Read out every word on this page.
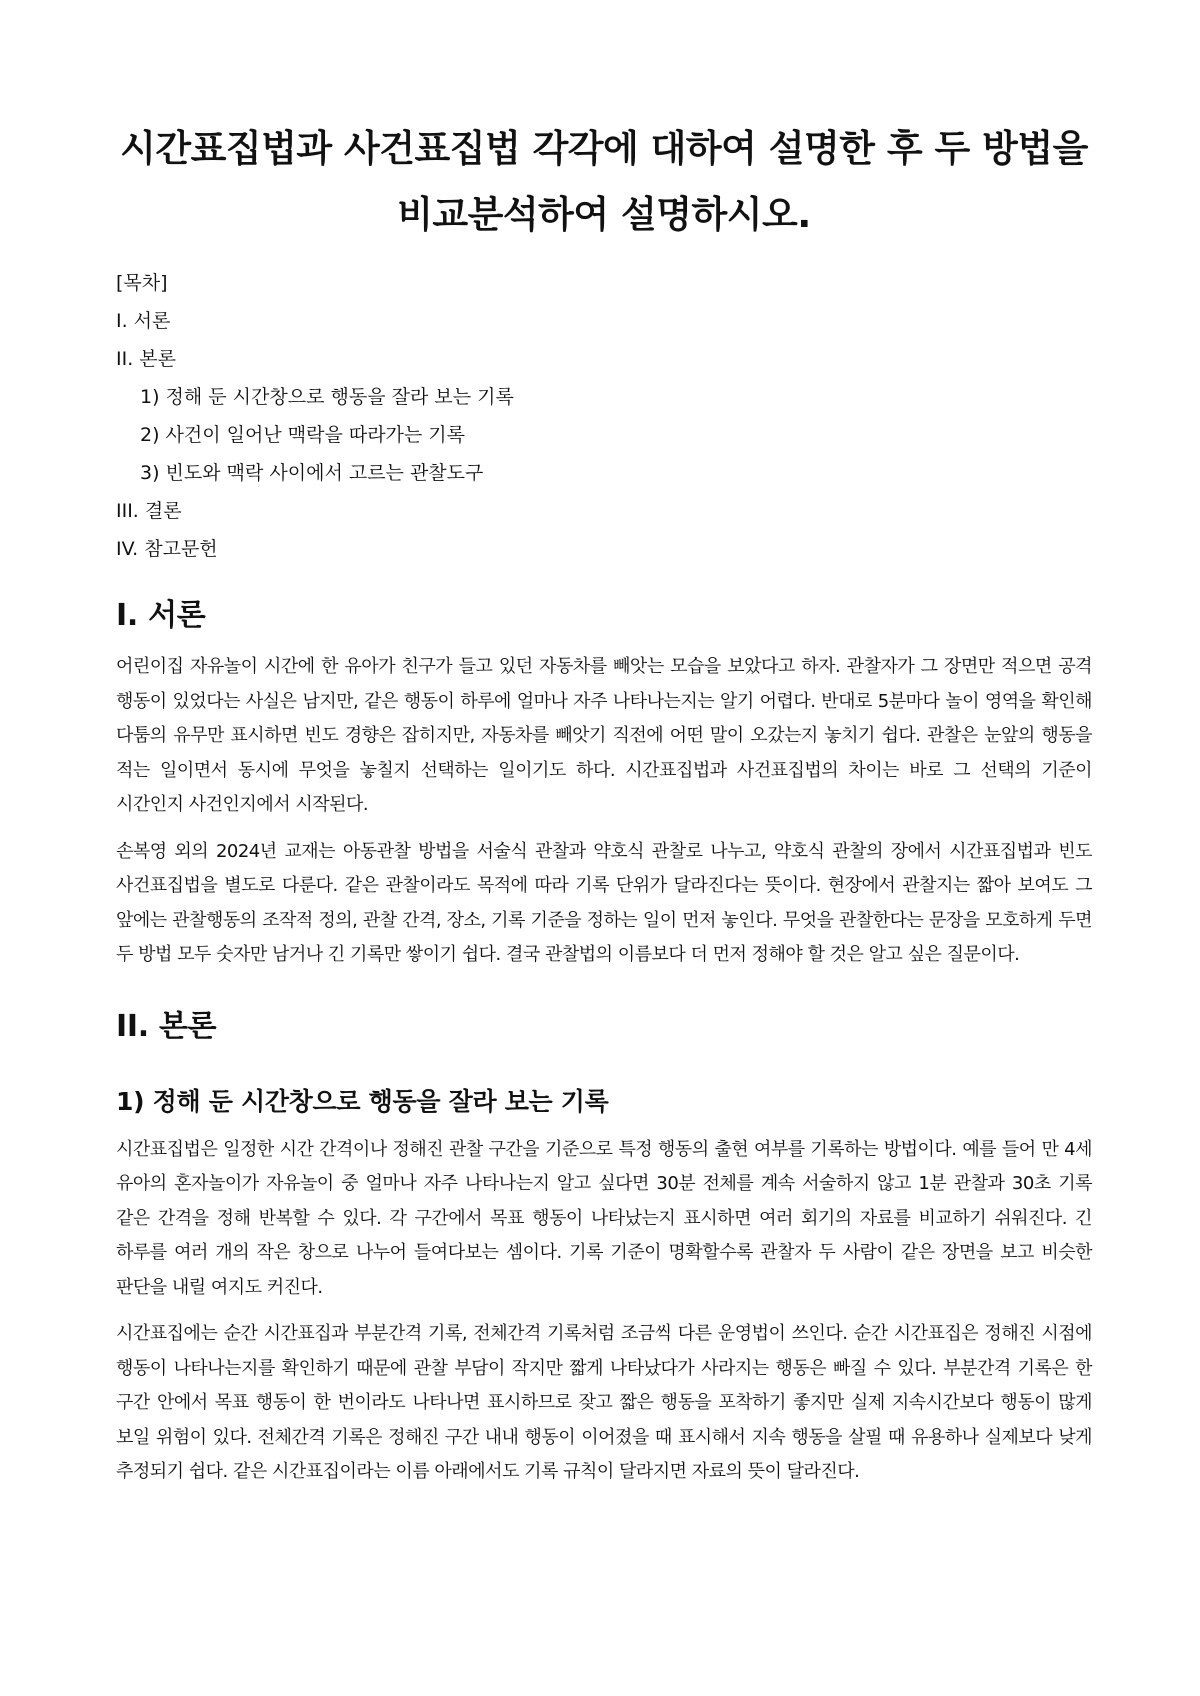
시간표집법과 사건표집법 각각에 대하여 설명한 후 두 방법을 비교분석하여 설명하시오.
[목차]
I. 서론
II. 본론
1) 정해 둔 시간창으로 행동을 잘라 보는 기록
2) 사건이 일어난 맥락을 따라가는 기록
3) 빈도와 맥락 사이에서 고르는 관찰도구
III. 결론
IV. 참고문헌
I. 서론

어린이집 자유놀이 시간에 한 유아가 친구가 들고 있던 자동차를 빼앗는 모습을 보았다고 하자. 관찰자가 그 장면만 적으면 공격 행동이 있었다는 사실은 남지만, 같은 행동이 하루에 얼마나 자주 나타나는지는 알기 어렵다. 반대로 5분마다 놀이 영역을 확인해 다툼의 유무만 표시하면 빈도 경향은 잡히지만, 자동차를 빼앗기 직전에 어떤 말이 오갔는지 놓치기 쉽다. 관찰은 눈앞의 행동을 적는 일이면서 동시에 무엇을 놓칠지 선택하는 일이기도 하다. 시간표집법과 사건표집법의 차이는 바로 그 선택의 기준이 시간인지 사건인지에서 시작된다.

손복영 외의 2024년 교재는 아동관찰 방법을 서술식 관찰과 약호식 관찰로 나누고, 약호식 관찰의 장에서 시간표집법과 빈도 사건표집법을 별도로 다룬다. 같은 관찰이라도 목적에 따라 기록 단위가 달라진다는 뜻이다. 현장에서 관찰지는 짧아 보여도 그 앞에는 관찰행동의 조작적 정의, 관찰 간격, 장소, 기록 기준을 정하는 일이 먼저 놓인다. 무엇을 관찰한다는 문장을 모호하게 두면 두 방법 모두 숫자만 남거나 긴 기록만 쌓이기 쉽다. 결국 관찰법의 이름보다 더 먼저 정해야 할 것은 알고 싶은 질문이다.

II. 본론
1) 정해 둔 시간창으로 행동을 잘라 보는 기록

시간표집법은 일정한 시간 간격이나 정해진 관찰 구간을 기준으로 특정 행동의 출현 여부를 기록하는 방법이다. 예를 들어 만 4세 유아의 혼자놀이가 자유놀이 중 얼마나 자주 나타나는지 알고 싶다면 30분 전체를 계속 서술하지 않고 1분 관찰과 30초 기록 같은 간격을 정해 반복할 수 있다. 각 구간에서 목표 행동이 나타났는지 표시하면 여러 회기의 자료를 비교하기 쉬워진다. 긴 하루를 여러 개의 작은 창으로 나누어 들여다보는 셈이다. 기록 기준이 명확할수록 관찰자 두 사람이 같은 장면을 보고 비슷한 판단을 내릴 여지도 커진다.

시간표집에는 순간 시간표집과 부분간격 기록, 전체간격 기록처럼 조금씩 다른 운영법이 쓰인다. 순간 시간표집은 정해진 시점에 행동이 나타나는지를 확인하기 때문에 관찰 부담이 작지만 짧게 나타났다가 사라지는 행동은 빠질 수 있다. 부분간격 기록은 한 구간 안에서 목표 행동이 한 번이라도 나타나면 표시하므로 잦고 짧은 행동을 포착하기 좋지만 실제 지속시간보다 행동이 많게 보일 위험이 있다. 전체간격 기록은 정해진 구간 내내 행동이 이어졌을 때 표시해서 지속 행동을 살필 때 유용하나 실제보다 낮게 추정되기 쉽다. 같은 시간표집이라는 이름 아래에서도 기록 규칙이 달라지면 자료의 뜻이 달라진다.
